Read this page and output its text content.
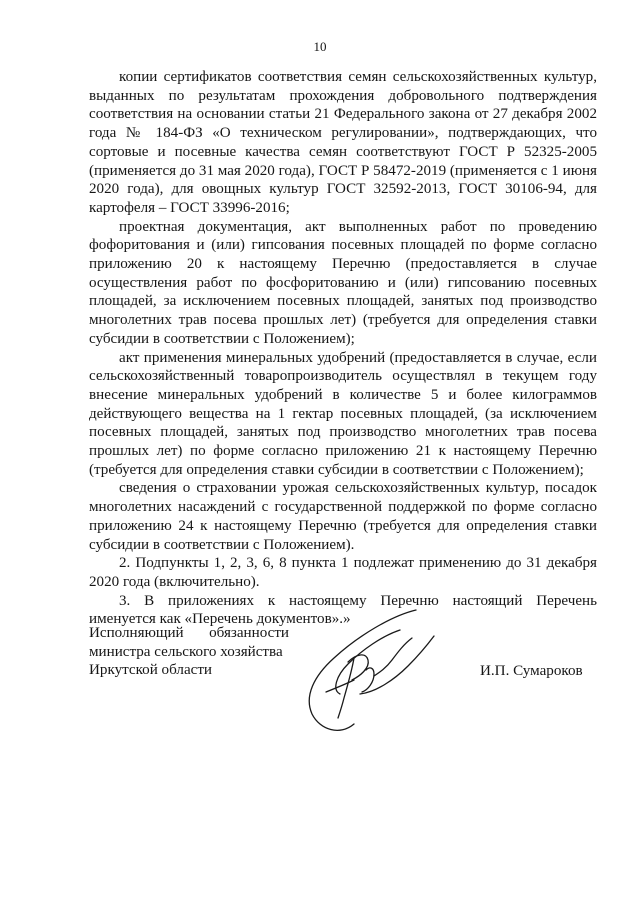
10

копии сертификатов соответствия семян сельскохозяйственных культур, выданных по результатам прохождения добровольного подтверждения соответствия на основании статьи 21 Федерального закона от 27 декабря 2002 года № 184-ФЗ «О техническом регулировании», подтверждающих, что сортовые и посевные качества семян соответствуют ГОСТ Р 52325-2005 (применяется до 31 мая 2020 года), ГОСТ Р 58472-2019 (применяется с 1 июня 2020 года), для овощных культур ГОСТ 32592-2013, ГОСТ 30106-94, для картофеля – ГОСТ 33996-2016;

проектная документация, акт выполненных работ по проведению фофоритования и (или) гипсования посевных площадей по форме согласно приложению 20 к настоящему Перечню (предоставляется в случае осуществления работ по фосфоритованию и (или) гипсованию посевных площадей, за исключением посевных площадей, занятых под производство многолетних трав посева прошлых лет) (требуется для определения ставки субсидии в соответствии с Положением);

акт применения минеральных удобрений (предоставляется в случае, если сельскохозяйственный товаропроизводитель осуществлял в текущем году внесение минеральных удобрений в количестве 5 и более килограммов действующего вещества на 1 гектар посевных площадей, (за исключением посевных площадей, занятых под производство многолетних трав посева прошлых лет) по форме согласно приложению 21 к настоящему Перечню (требуется для определения ставки субсидии в соответствии с Положением);

сведения о страховании урожая сельскохозяйственных культур, посадок многолетних насаждений с государственной поддержкой по форме согласно приложению 24 к настоящему Перечню (требуется для определения ставки субсидии в соответствии с Положением).

2. Подпункты 1, 2, 3, 6, 8 пункта 1 подлежат применению до 31 декабря 2020 года (включительно).

3. В приложениях к настоящему Перечню настоящий Перечень именуется как «Перечень документов».»

Исполняющий обязанности
министра сельского хозяйства
Иркутской области	И.П. Сумароков
